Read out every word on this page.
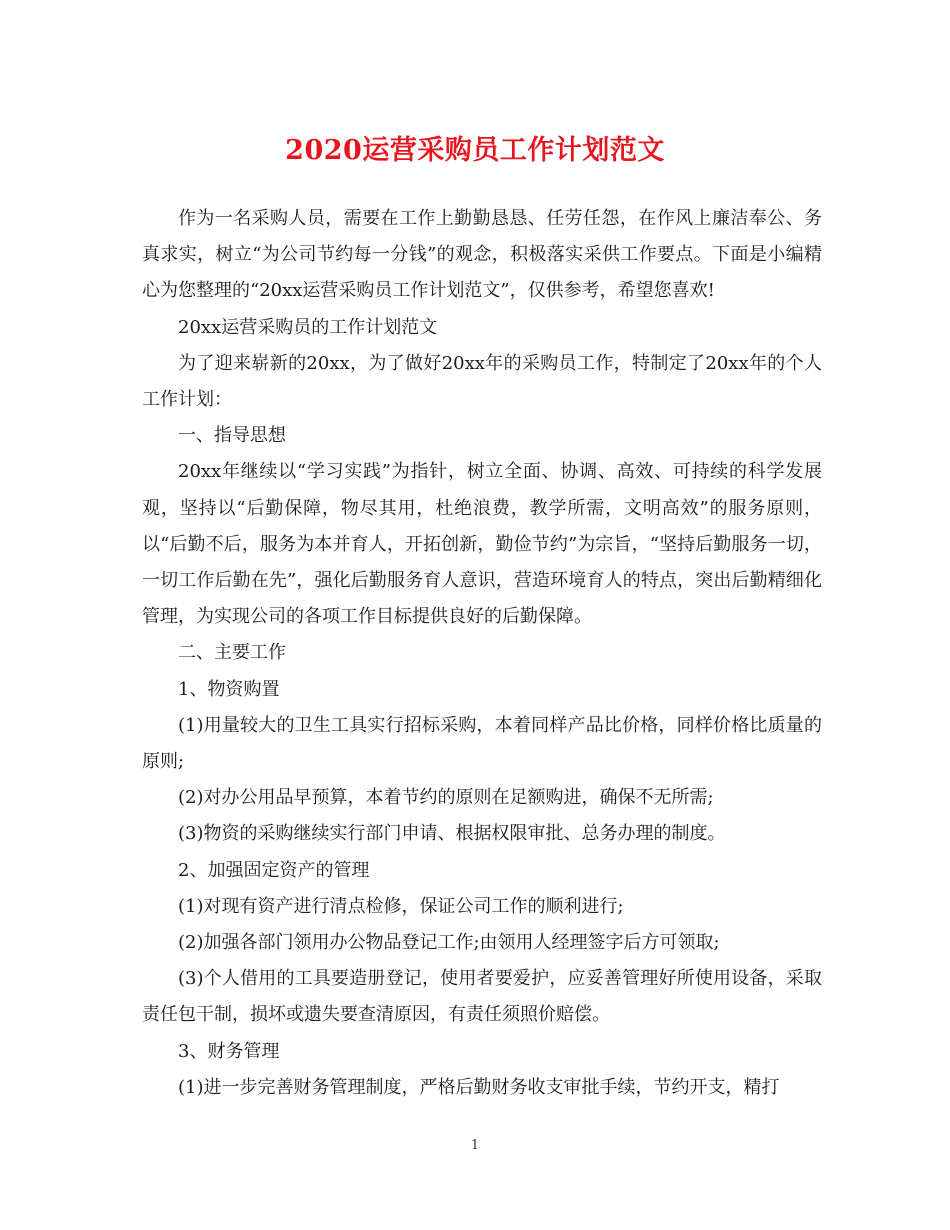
2020运营采购员工作计划范文

作为一名采购人员，需要在工作上勤勤恳恳、任劳任怨，在作风上廉洁奉公、务真求实，树立“为公司节约每一分钱”的观念，积极落实采供工作要点。下面是小编精心为您整理的“20xx运营采购员工作计划范文”，仅供参考，希望您喜欢!

20xx运营采购员的工作计划范文

为了迎来崭新的20xx，为了做好20xx年的采购员工作，特制定了20xx年的个人工作计划：

一、指导思想

20xx年继续以“学习实践”为指针，树立全面、协调、高效、可持续的科学发展观，坚持以“后勤保障，物尽其用，杜绝浪费，教学所需，文明高效”的服务原则，以“后勤不后，服务为本并育人，开拓创新，勤俭节约”为宗旨，“坚持后勤服务一切，一切工作后勤在先”，强化后勤服务育人意识，营造环境育人的特点，突出后勤精细化管理，为实现公司的各项工作目标提供良好的后勤保障。

二、主要工作

1、物资购置

(1)用量较大的卫生工具实行招标采购，本着同样产品比价格，同样价格比质量的原则;

(2)对办公用品早预算，本着节约的原则在足额购进，确保不无所需;

(3)物资的采购继续实行部门申请、根据权限审批、总务办理的制度。

2、加强固定资产的管理

(1)对现有资产进行清点检修，保证公司工作的顺利进行;

(2)加强各部门领用办公物品登记工作;由领用人经理签字后方可领取;

(3)个人借用的工具要造册登记，使用者要爱护，应妥善管理好所使用设备，采取责任包干制，损坏或遗失要查清原因，有责任须照价赔偿。

3、财务管理

(1)进一步完善财务管理制度，严格后勤财务收支审批手续，节约开支，精打

1
